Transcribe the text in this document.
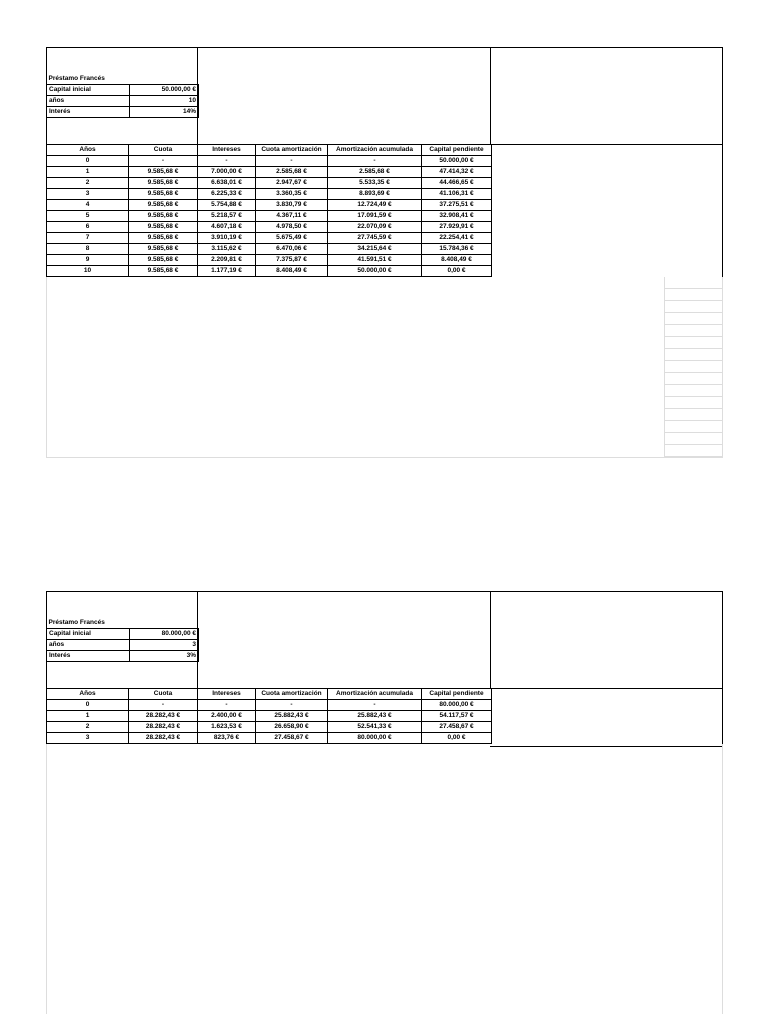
Préstamo Francés	
Capital inicial	50.000,00 €
años	10
Interés	14%
Años	Cuota	Intereses	Cuota amortización	Amortización acumulada	Capital pendiente
0	-	-	-	-	50.000,00 €
1	9.585,68 €	7.000,00 €	2.585,68 €	2.585,68 €	47.414,32 €
2	9.585,68 €	6.638,01 €	2.947,67 €	5.533,35 €	44.466,65 €
3	9.585,68 €	6.225,33 €	3.360,35 €	8.893,69 €	41.106,31 €
4	9.585,68 €	5.754,88 €	3.830,79 €	12.724,49 €	37.275,51 €
5	9.585,68 €	5.218,57 €	4.367,11 €	17.091,59 €	32.908,41 €
6	9.585,68 €	4.607,18 €	4.978,50 €	22.070,09 €	27.929,91 €
7	9.585,68 €	3.910,19 €	5.675,49 €	27.745,59 €	22.254,41 €
8	9.585,68 €	3.115,62 €	6.470,06 €	34.215,64 €	15.784,36 €
9	9.585,68 €	2.209,81 €	7.375,87 €	41.591,51 €	8.408,49 €
10	9.585,68 €	1.177,19 €	8.408,49 €	50.000,00 €	0,00 €
Préstamo Francés	
Capital inicial	80.000,00 €
años	3
Interés	3%
Años	Cuota	Intereses	Cuota amortización	Amortización acumulada	Capital pendiente
0	-	-	-	-	80.000,00 €
1	28.282,43 €	2.400,00 €	25.882,43 €	25.882,43 €	54.117,57 €
2	28.282,43 €	1.623,53 €	26.658,90 €	52.541,33 €	27.458,67 €
3	28.282,43 €	823,76 €	27.458,67 €	80.000,00 €	0,00 €
